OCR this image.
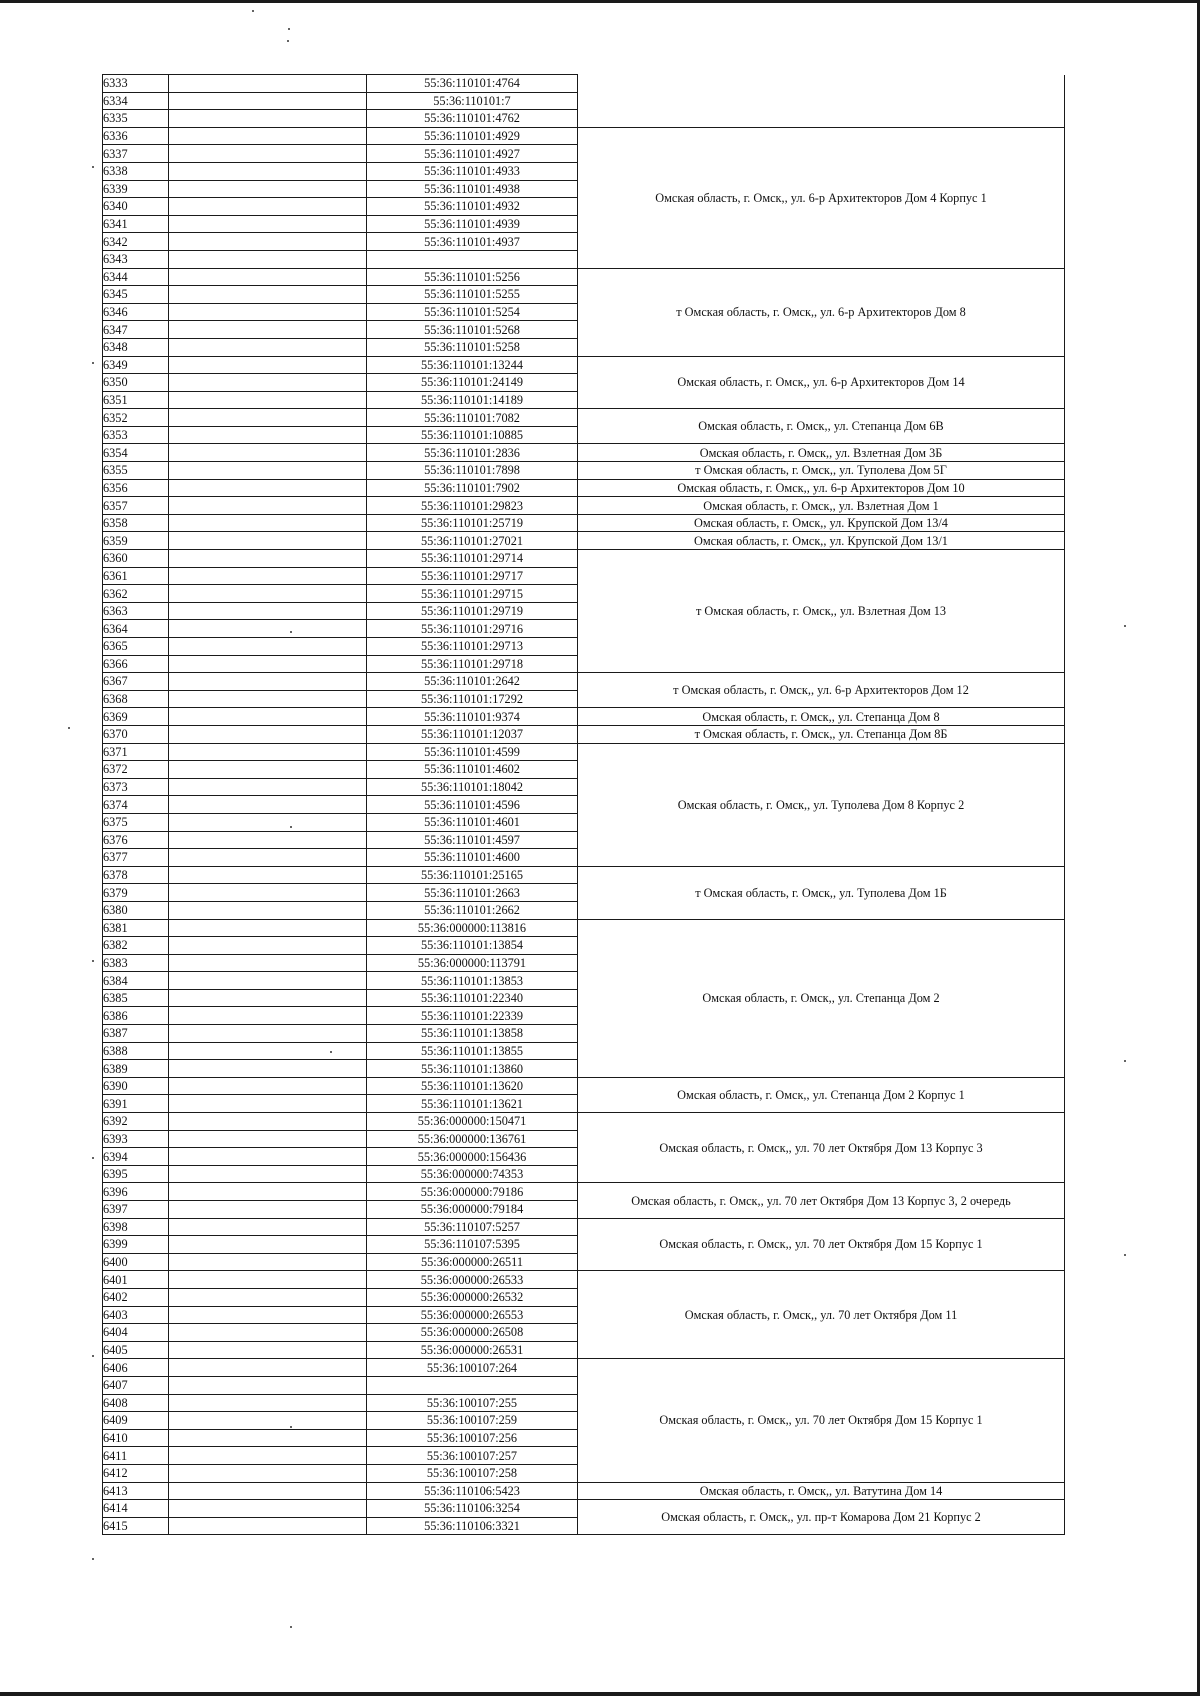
6333		55:36:110101:4764	
6334		55:36:110101:7	
6335		55:36:110101:4762	
6336		55:36:110101:4929	Омская область, г. Омск,, ул. 6-р Архитекторов Дом 4 Корпус 1
6337		55:36:110101:4927	
6338		55:36:110101:4933	
6339		55:36:110101:4938	
6340		55:36:110101:4932	
6341		55:36:110101:4939	
6342		55:36:110101:4937	
6343			
6344		55:36:110101:5256	т Омская область, г. Омск,, ул. 6-р Архитекторов Дом 8
6345		55:36:110101:5255	
6346		55:36:110101:5254	
6347		55:36:110101:5268	
6348		55:36:110101:5258	
6349		55:36:110101:13244	Омская область, г. Омск,, ул. 6-р Архитекторов Дом 14
6350		55:36:110101:24149	
6351		55:36:110101:14189	
6352		55:36:110101:7082	Омская область, г. Омск,, ул. Степанца Дом 6В
6353		55:36:110101:10885	
6354		55:36:110101:2836	Омская область, г. Омск,, ул. Взлетная Дом 3Б
6355		55:36:110101:7898	т Омская область, г. Омск,, ул. Туполева Дом 5Г
6356		55:36:110101:7902	Омская область, г. Омск,, ул. 6-р Архитекторов Дом 10
6357		55:36:110101:29823	Омская область, г. Омск,, ул. Взлетная Дом 1
6358		55:36:110101:25719	Омская область, г. Омск,, ул. Крупской Дом 13/4
6359		55:36:110101:27021	Омская область, г. Омск,, ул. Крупской Дом 13/1
6360		55:36:110101:29714	т Омская область, г. Омск,, ул. Взлетная Дом 13
6361		55:36:110101:29717	
6362		55:36:110101:29715	
6363		55:36:110101:29719	
6364		55:36:110101:29716	
6365		55:36:110101:29713	
6366		55:36:110101:29718	
6367		55:36:110101:2642	т Омская область, г. Омск,, ул. 6-р Архитекторов Дом 12
6368		55:36:110101:17292	
6369		55:36:110101:9374	Омская область, г. Омск,, ул. Степанца Дом 8
6370		55:36:110101:12037	т Омская область, г. Омск,, ул. Степанца Дом 8Б
6371		55:36:110101:4599	Омская область, г. Омск,, ул. Туполева Дом 8 Корпус 2
6372		55:36:110101:4602	
6373		55:36:110101:18042	
6374		55:36:110101:4596	
6375		55:36:110101:4601	
6376		55:36:110101:4597	
6377		55:36:110101:4600	
6378		55:36:110101:25165	т Омская область, г. Омск,, ул. Туполева Дом 1Б
6379		55:36:110101:2663	
6380		55:36:110101:2662	
6381		55:36:000000:113816	Омская область, г. Омск,, ул. Степанца Дом 2
6382		55:36:110101:13854	
6383		55:36:000000:113791	
6384		55:36:110101:13853	
6385		55:36:110101:22340	
6386		55:36:110101:22339	
6387		55:36:110101:13858	
6388		55:36:110101:13855	
6389		55:36:110101:13860	
6390		55:36:110101:13620	Омская область, г. Омск,, ул. Степанца Дом 2 Корпус 1
6391		55:36:110101:13621	
6392		55:36:000000:150471	Омская область, г. Омск,, ул. 70 лет Октября Дом 13 Корпус 3
6393		55:36:000000:136761	
6394		55:36:000000:156436	
6395		55:36:000000:74353	
6396		55:36:000000:79186	Омская область, г. Омск,, ул. 70 лет Октября Дом 13 Корпус 3, 2 очередь
6397		55:36:000000:79184	
6398		55:36:110107:5257	Омская область, г. Омск,, ул. 70 лет Октября Дом 15 Корпус 1
6399		55:36:110107:5395	
6400		55:36:000000:26511	
6401		55:36:000000:26533	Омская область, г. Омск,, ул. 70 лет Октября Дом 11
6402		55:36:000000:26532	
6403		55:36:000000:26553	
6404		55:36:000000:26508	
6405		55:36:000000:26531	
6406		55:36:100107:264	Омская область, г. Омск,, ул. 70 лет Октября Дом 15 Корпус 1
6407			
6408		55:36:100107:255	
6409		55:36:100107:259	
6410		55:36:100107:256	
6411		55:36:100107:257	
6412		55:36:100107:258	
6413		55:36:110106:5423	Омская область, г. Омск,, ул. Ватутина Дом 14
6414		55:36:110106:3254	Омская область, г. Омск,, ул. пр-т Комарова Дом 21 Корпус 2
6415		55:36:110106:3321	
